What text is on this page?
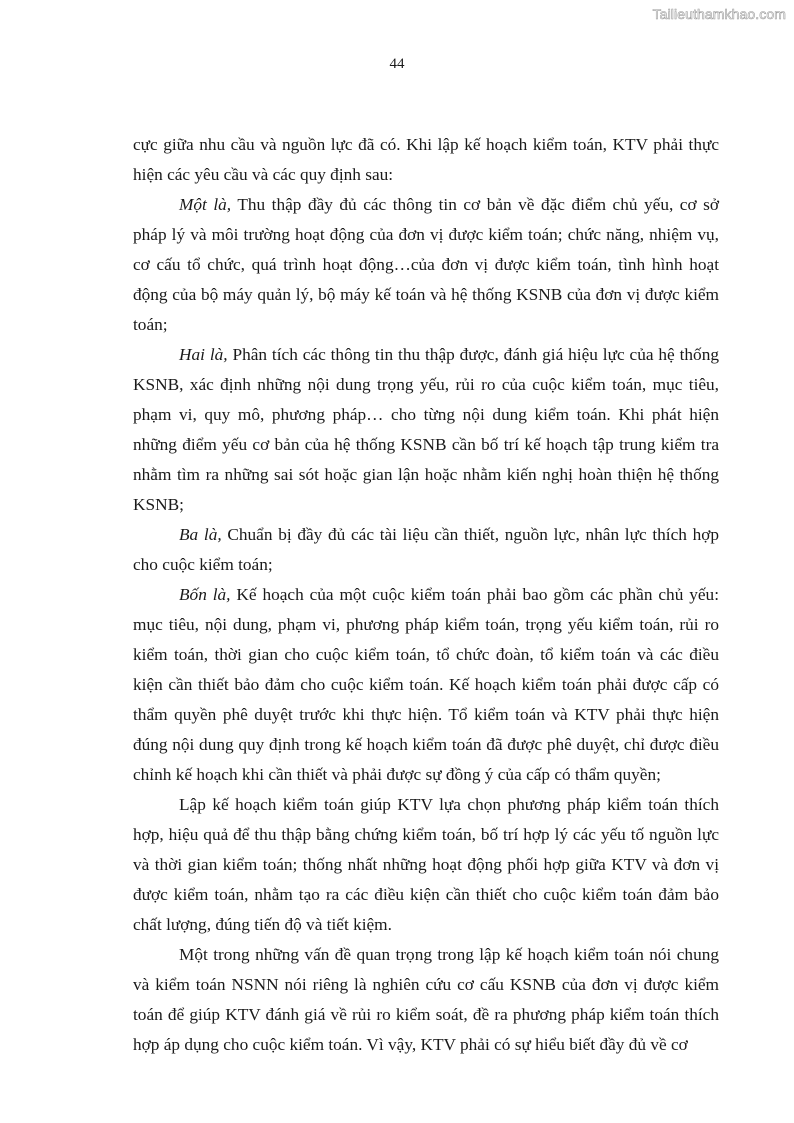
Tailieuthamkhao.com
44

cực giữa nhu cầu và nguồn lực đã có. Khi lập kế hoạch kiểm toán, KTV phải thực hiện các yêu cầu và các quy định sau:

Một là, Thu thập đầy đủ các thông tin cơ bản về đặc điểm chủ yếu, cơ sở pháp lý và môi trường hoạt động của đơn vị được kiểm toán; chức năng, nhiệm vụ, cơ cấu tổ chức, quá trình hoạt động…của đơn vị được kiểm toán, tình hình hoạt động của bộ máy quản lý, bộ máy kế toán và hệ thống KSNB của đơn vị được kiểm toán;

Hai là, Phân tích các thông tin thu thập được, đánh giá hiệu lực của hệ thống KSNB, xác định những nội dung trọng yếu, rủi ro của cuộc kiểm toán, mục tiêu, phạm vi, quy mô, phương pháp… cho từng nội dung kiểm toán. Khi phát hiện những điểm yếu cơ bản của hệ thống KSNB cần bố trí kế hoạch tập trung kiểm tra nhằm tìm ra những sai sót hoặc gian lận hoặc nhằm kiến nghị hoàn thiện hệ thống KSNB;

Ba là, Chuẩn bị đầy đủ các tài liệu cần thiết, nguồn lực, nhân lực thích hợp cho cuộc kiểm toán;

Bốn là, Kế hoạch của một cuộc kiểm toán phải bao gồm các phần chủ yếu: mục tiêu, nội dung, phạm vi, phương pháp kiểm toán, trọng yếu kiểm toán, rủi ro kiểm toán, thời gian cho cuộc kiểm toán, tổ chức đoàn, tổ kiểm toán và các điều kiện cần thiết bảo đảm cho cuộc kiểm toán. Kế hoạch kiểm toán phải được cấp có thẩm quyền phê duyệt trước khi thực hiện. Tổ kiểm toán và KTV phải thực hiện đúng nội dung quy định trong kế hoạch kiểm toán đã được phê duyệt, chỉ được điều chỉnh kế hoạch khi cần thiết và phải được sự đồng ý của cấp có thẩm quyền;

Lập kế hoạch kiểm toán giúp KTV lựa chọn phương pháp kiểm toán thích hợp, hiệu quả để thu thập bằng chứng kiểm toán, bố trí hợp lý các yếu tố nguồn lực và thời gian kiểm toán; thống nhất những hoạt động phối hợp giữa KTV và đơn vị được kiểm toán, nhằm tạo ra các điều kiện cần thiết cho cuộc kiểm toán đảm bảo chất lượng, đúng tiến độ và tiết kiệm.

Một trong những vấn đề quan trọng trong lập kế hoạch kiểm toán nói chung và kiểm toán NSNN nói riêng là nghiên cứu cơ cấu KSNB của đơn vị được kiểm toán để giúp KTV đánh giá về rủi ro kiểm soát, đề ra phương pháp kiểm toán thích hợp áp dụng cho cuộc kiểm toán. Vì vậy, KTV phải có sự hiểu biết đầy đủ về cơ
